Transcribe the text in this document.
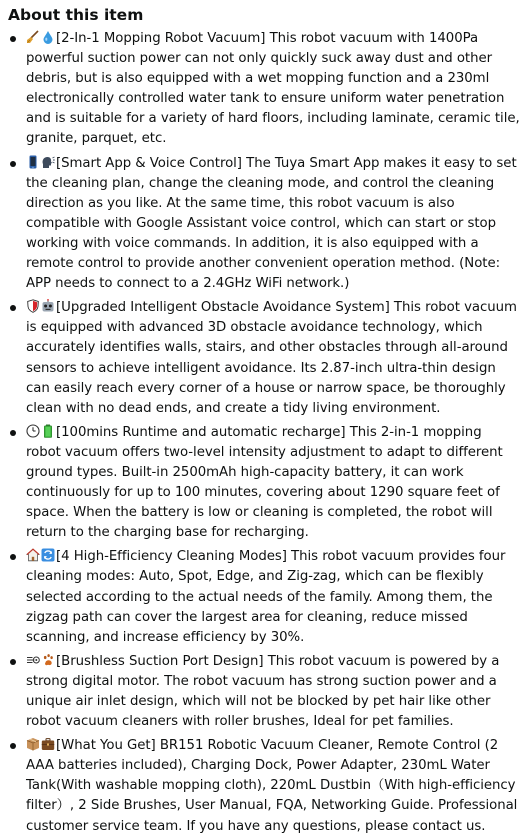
About this item
[2-In-1 Mopping Robot Vacuum] This robot vacuum with 1400Pa powerful suction power can not only quickly suck away dust and other debris, but is also equipped with a wet mopping function and a 230ml electronically controlled water tank to ensure uniform water penetration and is suitable for a variety of hard floors, including laminate, ceramic tile, granite, parquet, etc.
[Smart App & Voice Control] The Tuya Smart App makes it easy to set the cleaning plan, change the cleaning mode, and control the cleaning direction as you like. At the same time, this robot vacuum is also compatible with Google Assistant voice control, which can start or stop working with voice commands. In addition, it is also equipped with a remote control to provide another convenient operation method. (Note: APP needs to connect to a 2.4GHz WiFi network.)
[Upgraded Intelligent Obstacle Avoidance System] This robot vacuum is equipped with advanced 3D obstacle avoidance technology, which accurately identifies walls, stairs, and other obstacles through all-around sensors to achieve intelligent avoidance. Its 2.87-inch ultra-thin design can easily reach every corner of a house or narrow space, be thoroughly clean with no dead ends, and create a tidy living environment.
[100mins Runtime and automatic recharge] This 2-in-1 mopping robot vacuum offers two-level intensity adjustment to adapt to different ground types. Built-in 2500mAh high-capacity battery, it can work continuously for up to 100 minutes, covering about 1290 square feet of space. When the battery is low or cleaning is completed, the robot will return to the charging base for recharging.
[4 High-Efficiency Cleaning Modes] This robot vacuum provides four cleaning modes: Auto, Spot, Edge, and Zig-zag, which can be flexibly selected according to the actual needs of the family. Among them, the zigzag path can cover the largest area for cleaning, reduce missed scanning, and increase efficiency by 30%.
[Brushless Suction Port Design] This robot vacuum is powered by a strong digital motor. The robot vacuum has strong suction power and a unique air inlet design, which will not be blocked by pet hair like other robot vacuum cleaners with roller brushes, Ideal for pet families.
[What You Get] BR151 Robotic Vacuum Cleaner, Remote Control (2 AAA batteries included), Charging Dock, Power Adapter, 230mL Water Tank(With washable mopping cloth), 220mL Dustbin（With high-efficiency filter）, 2 Side Brushes, User Manual, FQA, Networking Guide. Professional customer service team. If you have any questions, please contact us.
